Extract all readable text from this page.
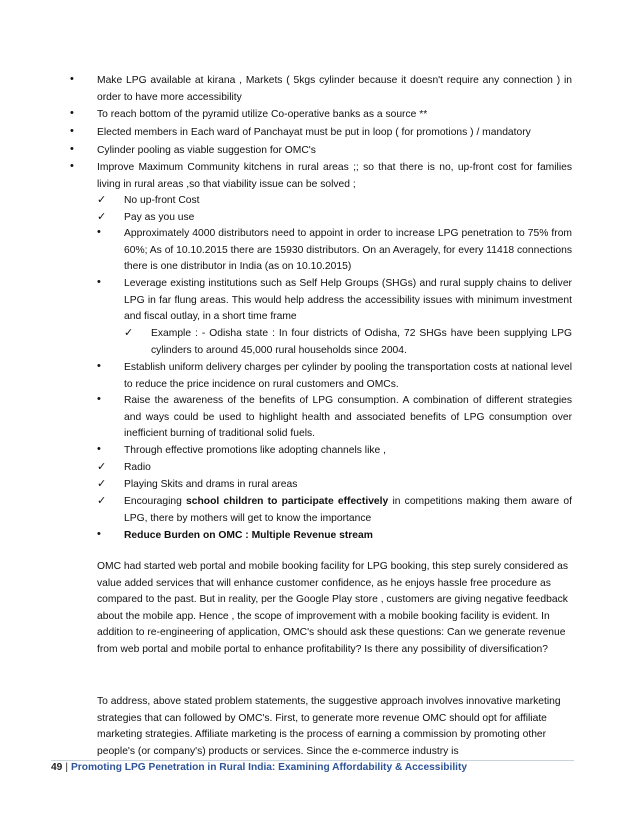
•
Make LPG available at kirana , Markets ( 5kgs cylinder because it doesn't require any connection ) in order to have more accessibility
•
To reach bottom of the pyramid utilize Co-operative banks as a source **
•
Elected members in Each ward of Panchayat must be put in loop ( for promotions ) / mandatory
•
Cylinder pooling as viable suggestion for OMC's
•
Improve Maximum Community kitchens in rural areas ;; so that there is no, up-front cost for families living in rural areas ,so that viability issue can be solved ;
✓
No up-front Cost
✓
Pay as you use
•
Approximately 4000 distributors need to appoint in order to increase LPG penetration to 75% from 60%; As of 10.10.2015 there are 15930 distributors. On an Averagely, for every 11418 connections there is one distributor in India (as on 10.10.2015)
•
Leverage existing institutions such as Self Help Groups (SHGs) and rural supply chains to deliver LPG in far flung areas. This would help address the accessibility issues with minimum investment and fiscal outlay, in a short time frame
✓
Example : - Odisha state : In four districts of Odisha, 72 SHGs have been supplying LPG cylinders to around 45,000 rural households since 2004.
•
Establish uniform delivery charges per cylinder by pooling the transportation costs at national level to reduce the price incidence on rural customers and OMCs.
•
Raise the awareness of the benefits of LPG consumption. A combination of different strategies and ways could be used to highlight health and associated benefits of LPG consumption over inefficient burning of traditional solid fuels.
•
Through effective promotions like adopting channels like ,
✓
Radio
✓
Playing Skits and drams in rural areas
✓
Encouraging school children to participate effectively in competitions making them aware of LPG, there by mothers will get to know the importance
•
Reduce Burden on OMC : Multiple Revenue stream
OMC had started web portal and mobile booking facility for LPG booking, this step surely considered as value added services that will enhance customer confidence, as he enjoys hassle free procedure as compared to the past. But in reality, per the Google Play store , customers are giving negative feedback about the mobile app. Hence , the scope of improvement with a mobile booking facility is evident. In addition to re-engineering of application, OMC's should ask these questions: Can we generate revenue from web portal and mobile portal to enhance profitability? Is there any possibility of diversification?
To address, above stated problem statements, the suggestive approach involves innovative marketing strategies that can followed by OMC's. First, to generate more revenue OMC should opt for affiliate marketing strategies. Affiliate marketing is the process of earning a commission by promoting other people's (or company's) products or services. Since the e-commerce industry is
49 | Promoting LPG Penetration in Rural India: Examining Affordability & Accessibility
